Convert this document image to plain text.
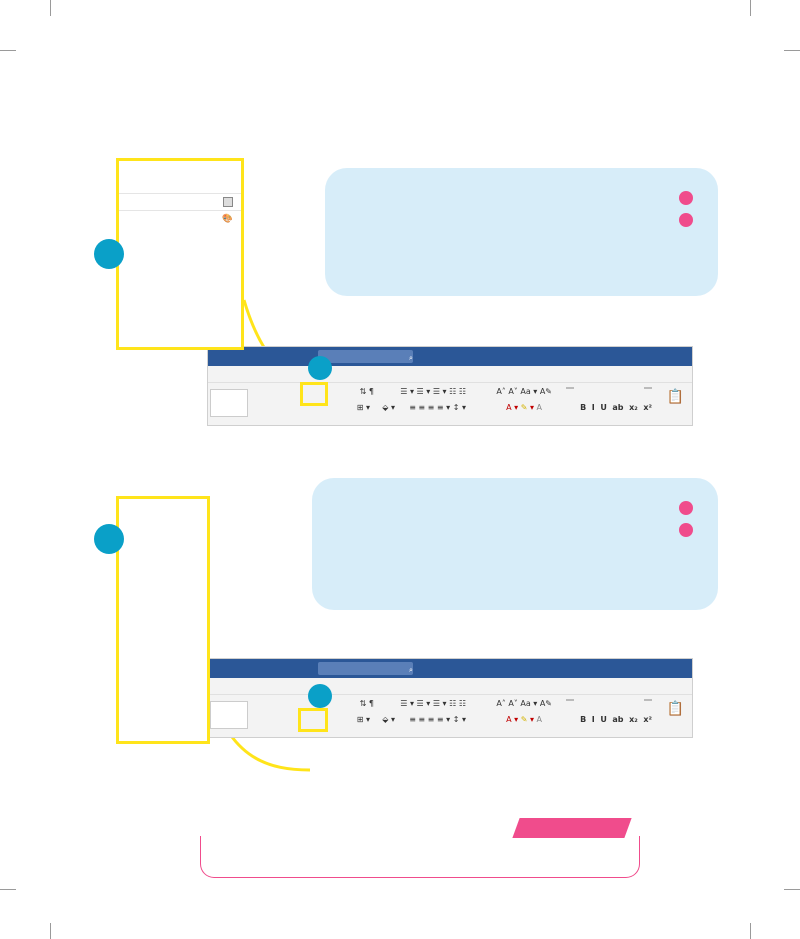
⌕
📋
B  I  U  ab  x₂  x²
A ▾ ✎ ▾ A
A˄ A˅ Aa ▾ A✎
☰ ▾ ☰ ▾ ☰ ▾ ☷ ☷
≡ ≡ ≡ ≡ ▾ ↕ ▾
⬙ ▾
⊞ ▾
⇅ ¶
🎨
⌕

📋
B  I  U  ab  x₂  x²
A ▾ ✎ ▾ A
A˄ A˅ Aa ▾ A✎
☰ ▾ ☰ ▾ ☰ ▾ ☷ ☷
≡ ≡ ≡ ≡ ▾ ↕ ▾
⬙ ▾
⊞ ▾
⇅ ¶
